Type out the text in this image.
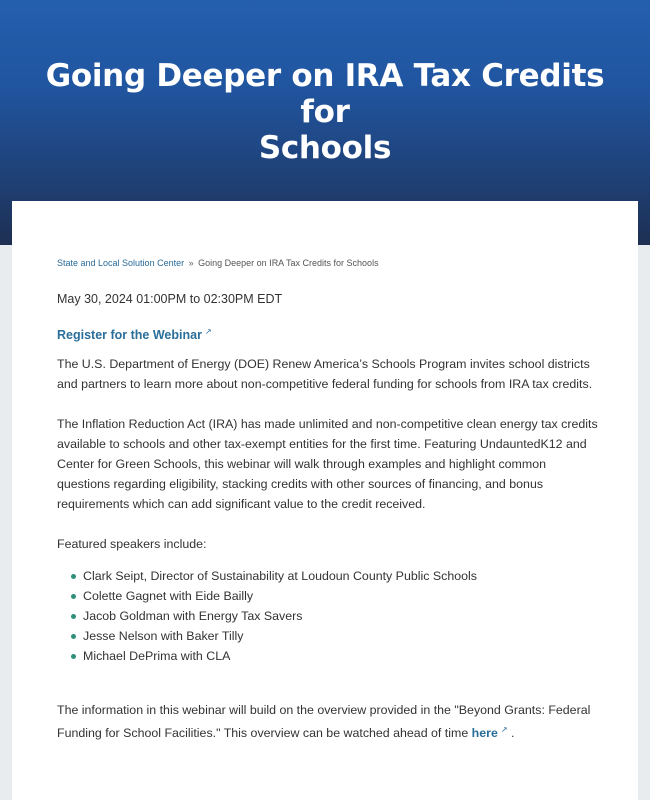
Going Deeper on IRA Tax Credits for
Schools
State and Local Solution Center » Going Deeper on IRA Tax Credits for Schools
May 30, 2024 01:00PM to 02:30PM EDT
Register for the Webinar ↗

The U.S. Department of Energy (DOE) Renew America’s Schools Program invites school districts and partners to learn more about non-competitive federal funding for schools from IRA tax credits.

The Inflation Reduction Act (IRA) has made unlimited and non-competitive clean energy tax credits available to schools and other tax-exempt entities for the first time. Featuring UndauntedK12 and Center for Green Schools, this webinar will walk through examples and highlight common questions regarding eligibility, stacking credits with other sources of financing, and bonus requirements which can add significant value to the credit received.

Featured speakers include:

Clark Seipt, Director of Sustainability at Loudoun County Public Schools
Colette Gagnet with Eide Bailly
Jacob Goldman with Energy Tax Savers
Jesse Nelson with Baker Tilly
Michael DePrima with CLA

The information in this webinar will build on the overview provided in the "Beyond Grants: Federal Funding for School Facilities." This overview can be watched ahead of time here ↗ .
